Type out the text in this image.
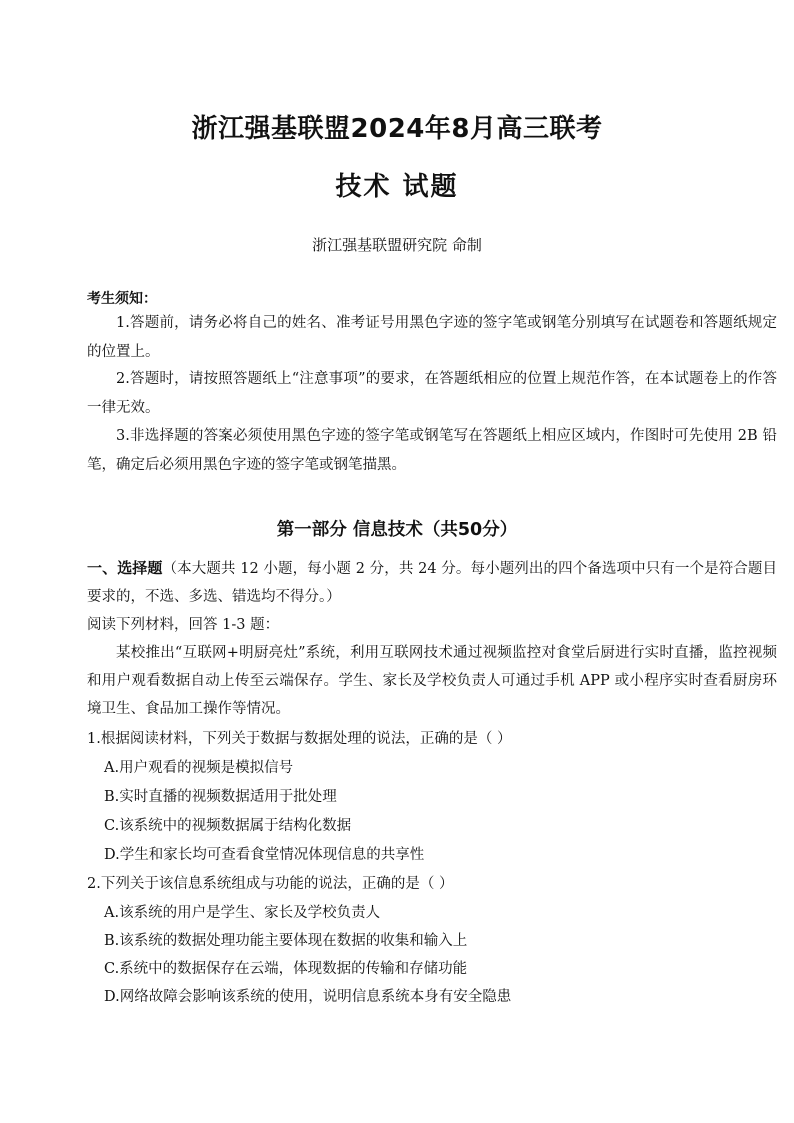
浙江强基联盟2024年8月高三联考
技术 试题
浙江强基联盟研究院 命制
考生须知：
1.答题前，请务必将自己的姓名、准考证号用黑色字迹的签字笔或钢笔分别填写在试题卷和答题纸规定的位置上。
2.答题时，请按照答题纸上“注意事项”的要求，在答题纸相应的位置上规范作答，在本试题卷上的作答一律无效。
3.非选择题的答案必须使用黑色字迹的签字笔或钢笔写在答题纸上相应区域内，作图时可先使用 2B 铅笔，确定后必须用黑色字迹的签字笔或钢笔描黑。
第一部分 信息技术（共50分）
一、选择题（本大题共 12 小题，每小题 2 分，共 24 分。每小题列出的四个备选项中只有一个是符合题目要求的，不选、多选、错选均不得分。）
阅读下列材料，回答 1-3 题：
某校推出“互联网+明厨亮灶”系统，利用互联网技术通过视频监控对食堂后厨进行实时直播，监控视频和用户观看数据自动上传至云端保存。学生、家长及学校负责人可通过手机 APP 或小程序实时查看厨房环境卫生、食品加工操作等情况。
1.根据阅读材料，下列关于数据与数据处理的说法，正确的是（ ）
A.用户观看的视频是模拟信号
B.实时直播的视频数据适用于批处理
C.该系统中的视频数据属于结构化数据
D.学生和家长均可查看食堂情况体现信息的共享性
2.下列关于该信息系统组成与功能的说法，正确的是（ ）
A.该系统的用户是学生、家长及学校负责人
B.该系统的数据处理功能主要体现在数据的收集和输入上
C.系统中的数据保存在云端，体现数据的传输和存储功能
D.网络故障会影响该系统的使用，说明信息系统本身有安全隐患
